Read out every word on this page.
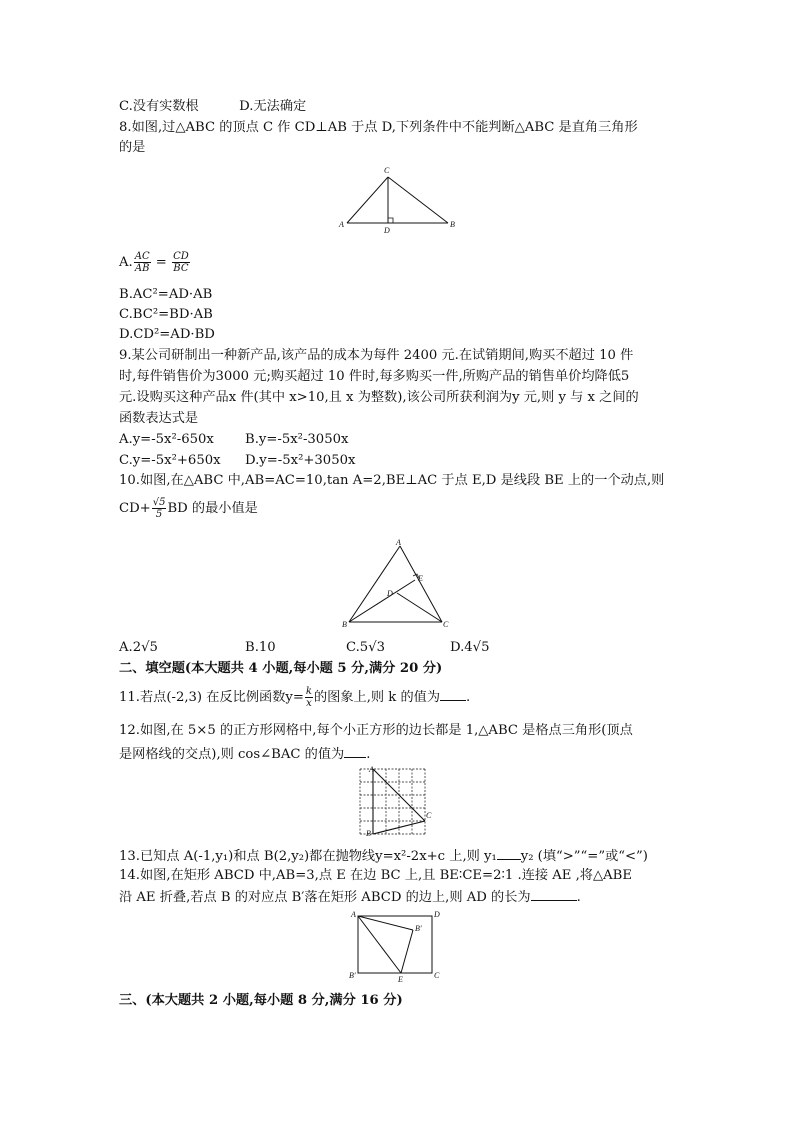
C.没有实数根	D.无法确定
8.如图,过△ABC 的顶点 C 作 CD⊥AB 于点 D,下列条件中不能判断△ABC 是直角三角形
的是
C
A
D
B
A. $\frac{AC}{AB} = \frac{CD}{BC}$
B.AC²=AD·AB
C.BC²=BD·AB
D.CD²=AD·BD
9.某公司研制出一种新产品,该产品的成本为每件 2400 元.在试销期间,购买不超过 10 件
时,每件销售价为3000 元;购买超过 10 件时,每多购买一件,所购产品的销售单价均降低5
元.设购买这种产品x 件(其中 x>10,且 x 为整数),该公司所获利润为y 元,则 y 与 x 之间的
函数表达式是
A.y=-5x²-650x B.y=-5x²-3050x
C.y=-5x²+650x D.y=-5x²+3050x
10.如图,在△ABC 中,AB=AC=10,tan A=2,BE⊥AC 于点 E,D 是线段 BE 上的一个动点,则
$CD+ \frac{√5}{5}$ BD 的最小值是
A
E
D
B	C
A.2√5	B.10	C.5√3	D.4√5
二、填空题(本大题共 4 小题,每小题 5 分,满分 20 分)
11.若点(-2,3) 在反比例函数$y= \frac{k}{x}$ 的图象上,则 k 的值为 .
12.如图,在 5×5 的正方形网格中,每个小正方形的边长都是 1,△ABC 是格点三角形(顶点
是网格线的交点),则 cos∠BAC 的值为 .
A
B
C
13.已知点 A(-1,y₁)和点 B(2,y₂)都在抛物线y=x²-2x+c 上,则 y₁ y₂ (填“>”“=”或“<”)
14.如图,在矩形 ABCD 中,AB=3,点 E 在边 BC 上,且 BE∶CE=2∶1 .连接 AE ,将△ABE
沿 AE 折叠,若点 B 的对应点 B′落在矩形 ABCD 的边上,则 AD 的长为	.
A	D
B′
B′	E	C
三、(本大题共 2 小题,每小题 8 分,满分 16 分)
